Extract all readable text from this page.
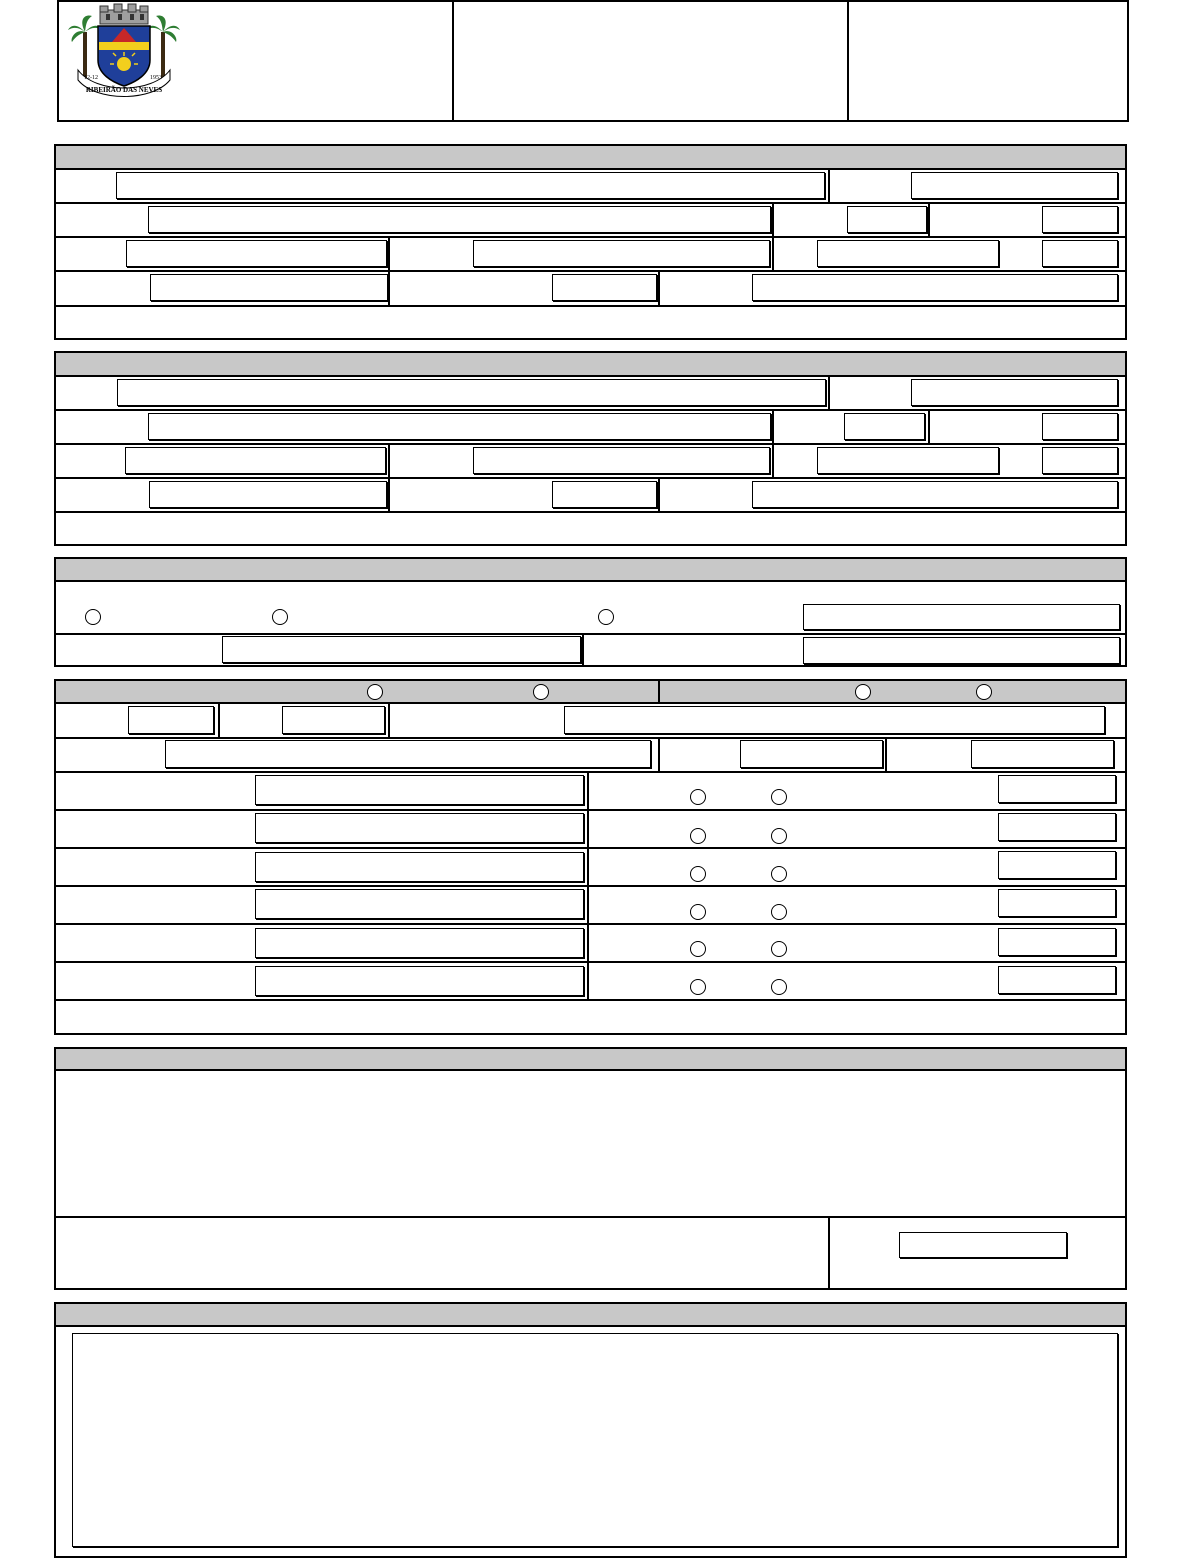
12-12	1953
RIBEIRÃO DAS NEVES
